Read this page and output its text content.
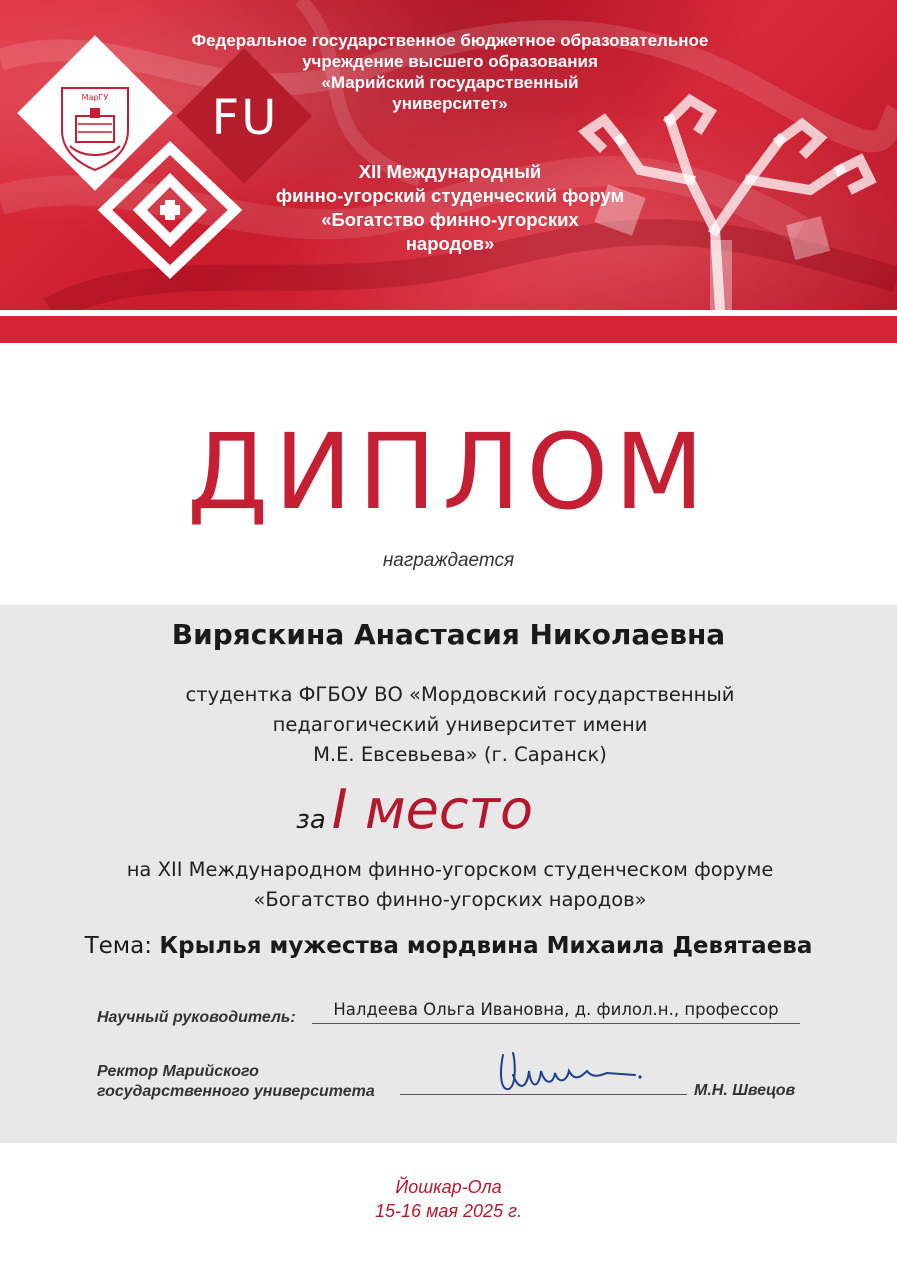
МарГУ FU
Федеральное государственное бюджетное образовательное
учреждение высшего образования
«Марийский государственный
университет»
XII Международный
финно-угорский студенческий форум
«Богатство финно-угорских
народов»
ДИПЛОМ
награждается
Виряскина Анастасия Николаевна
студентка ФГБОУ ВО «Мордовский государственный
педагогический университет имени
М.Е. Евсевьева» (г. Саранск)
за I место
на XII Международном финно-угорском студенческом форуме
«Богатство финно-угорских народов»
Тема: Крылья мужества мордвина Михаила Девятаева
Научный руководитель:	Налдеева Ольга Ивановна, д. филол.н., профессор
Ректор Марийского
государственного университета	М.Н. Швецов
Йошкар-Ола
15-16 мая 2025 г.
